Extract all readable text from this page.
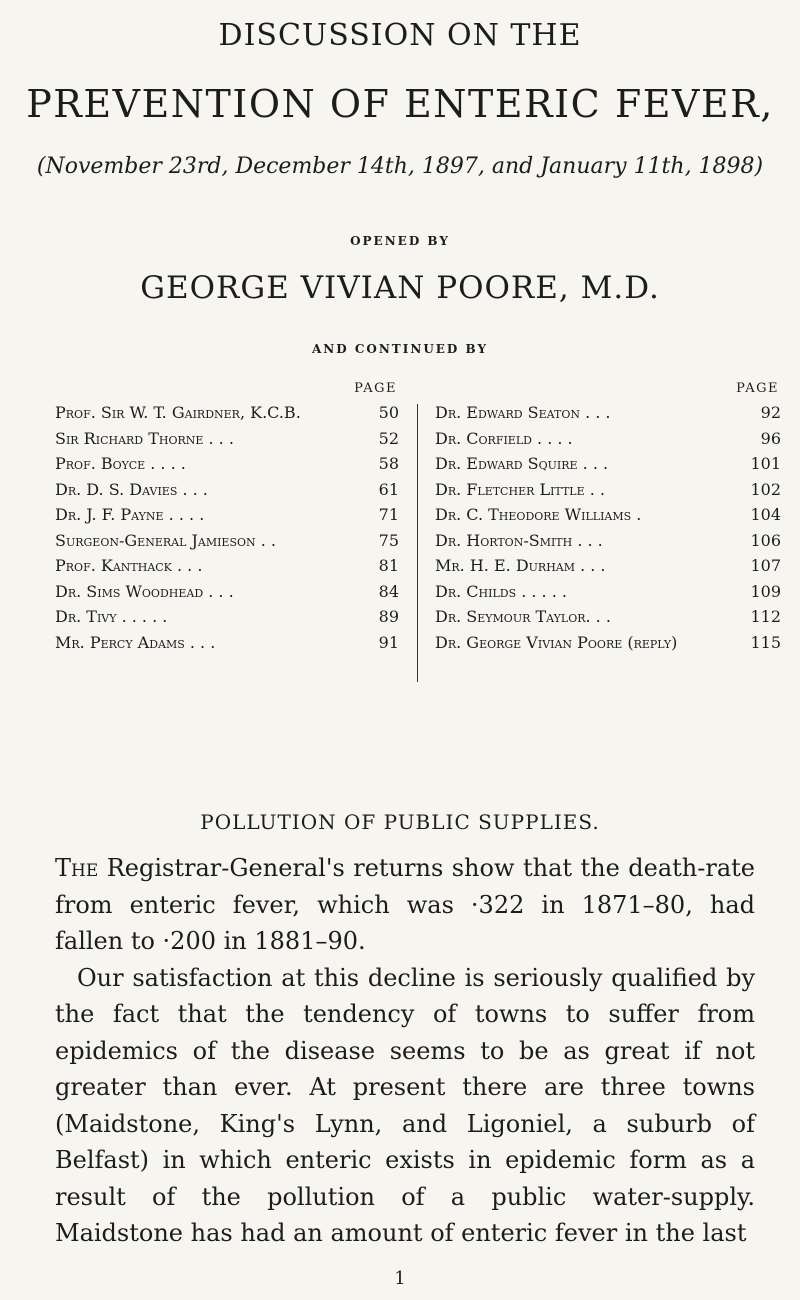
DISCUSSION ON THE
PREVENTION OF ENTERIC FEVER,
(November 23rd, December 14th, 1897, and January 11th, 1898)
OPENED BY
GEORGE VIVIAN POORE, M.D.
AND CONTINUED BY
PAGE
Prof. Sir W. T. Gairdner, K.C.B.	50
Sir Richard Thorne . . .	52
Prof. Boyce . . . .	58
Dr. D. S. Davies . . .	61
Dr. J. F. Payne . . . .	71
Surgeon-General Jamieson . .	75
Prof. Kanthack . . .	81
Dr. Sims Woodhead . . .	84
Dr. Tivy . . . . .	89
Mr. Percy Adams . . .	91
PAGE
Dr. Edward Seaton . . .	92
Dr. Corfield . . . .	96
Dr. Edward Squire . . .	101
Dr. Fletcher Little . .	102
Dr. C. Theodore Williams .	104
Dr. Horton-Smith . . .	106
Mr. H. E. Durham . . .	107
Dr. Childs . . . . .	109
Dr. Seymour Taylor. . .	112
Dr. George Vivian Poore (reply)	115
POLLUTION OF PUBLIC SUPPLIES.

The Registrar-General's returns show that the death-rate from enteric fever, which was ·322 in 1871–80, had fallen to ·200 in 1881–90.

Our satisfaction at this decline is seriously qualified by the fact that the tendency of towns to suffer from epidemics of the disease seems to be as great if not greater than ever. At present there are three towns (Maidstone, King's Lynn, and Ligoniel, a suburb of Belfast) in which enteric exists in epidemic form as a result of the pollution of a public water-supply. Maidstone has had an amount of enteric fever in the last

1
